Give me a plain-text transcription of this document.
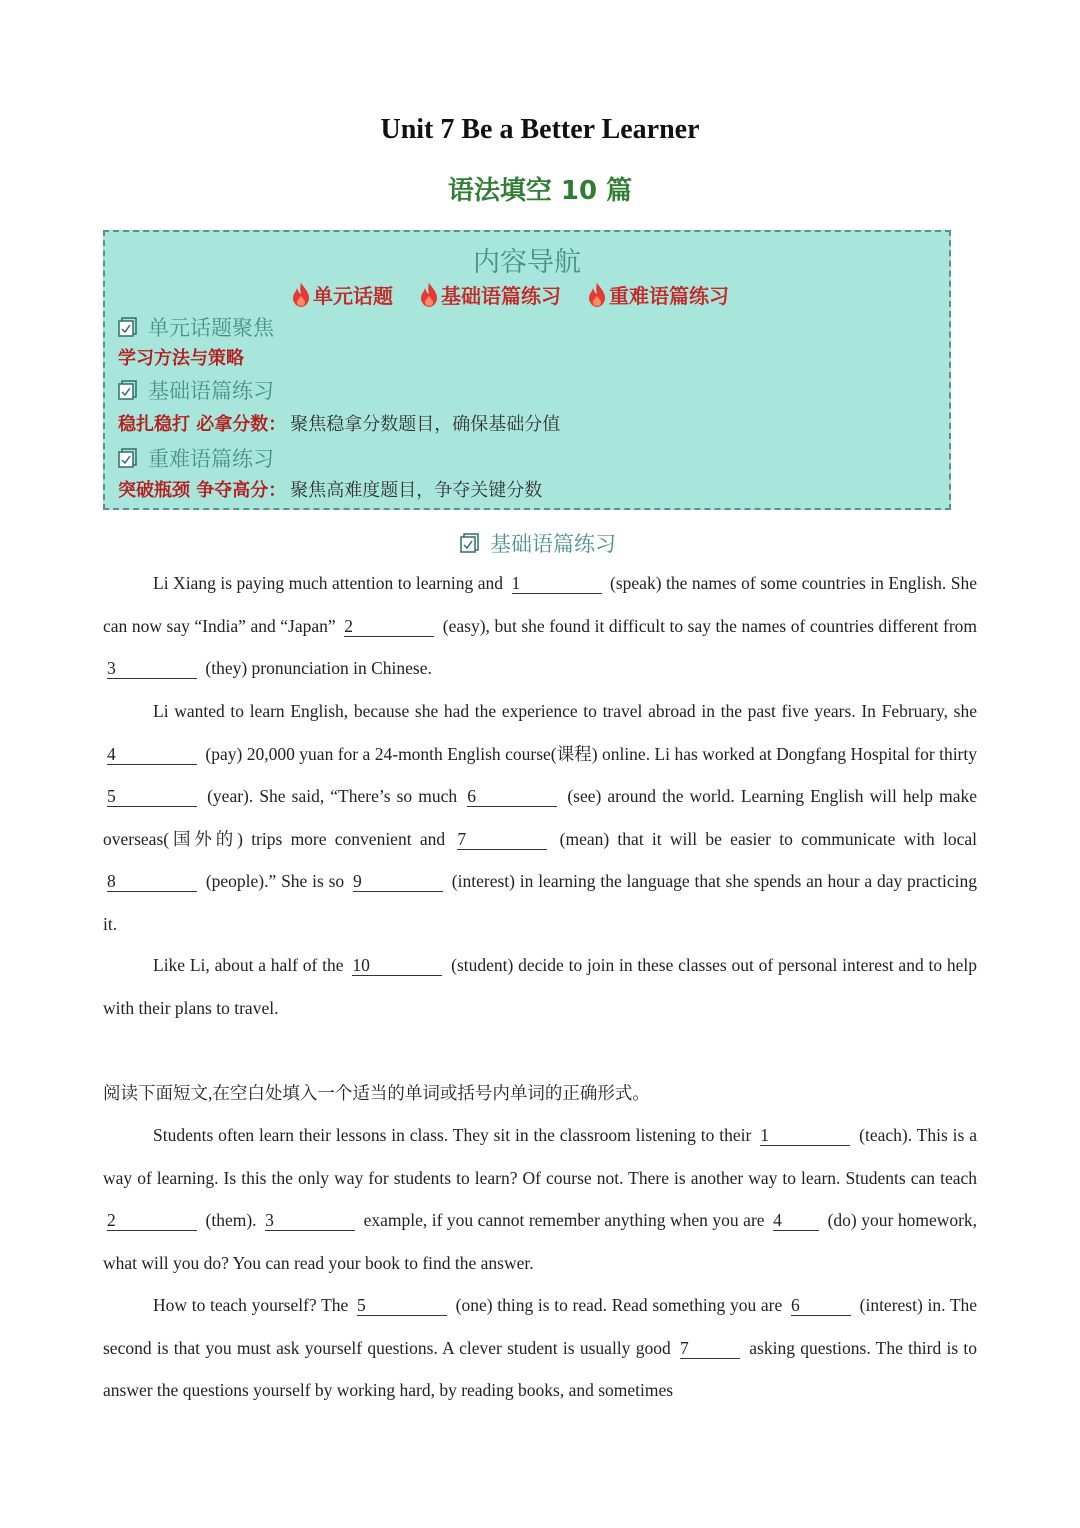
Unit 7 Be a Better Learner
语法填空 10 篇
内容导航
单元话题 基础语篇练习 重难语篇练习
单元话题聚焦
学习方法与策略
基础语篇练习
稳扎稳打 必拿分数： 聚焦稳拿分数题目，确保基础分值
重难语篇练习
突破瓶颈 争夺高分： 聚焦高难度题目，争夺关键分数
基础语篇练习

Li Xiang is paying much attention to learning and 1	(speak) the names of some countries in English. She can now say “India” and “Japan” 2	(easy), but she found it difficult to say the names of countries different from 3	(they) pronunciation in Chinese.

Li wanted to learn English, because she had the experience to travel abroad in the past five years. In February, she 4	(pay) 20,000 yuan for a 24-month English course(课程) online. Li has worked at Dongfang Hospital for thirty 5	(year). She said, “There’s so much 6	(see) around the world. Learning English will help make overseas(国外的) trips more convenient and 7	(mean) that it will be easier to communicate with local 8	(people).” She is so 9	(interest) in learning the language that she spends an hour a day practicing it.

Like Li, about a half of the 10	(student) decide to join in these classes out of personal interest and to help with their plans to travel.

阅读下面短文,在空白处填入一个适当的单词或括号内单词的正确形式。

Students often learn their lessons in class. They sit in the classroom listening to their 1	(teach). This is a way of learning. Is this the only way for students to learn? Of course not. There is another way to learn. Students can teach 2	(them). 3	example, if you cannot remember anything when you are 4	(do) your homework, what will you do? You can read your book to find the answer.

How to teach yourself? The 5	(one) thing is to read. Read something you are 6	(interest) in. The second is that you must ask yourself questions. A clever student is usually good 7	asking questions. The third is to answer the questions yourself by working hard, by reading books, and sometimes
